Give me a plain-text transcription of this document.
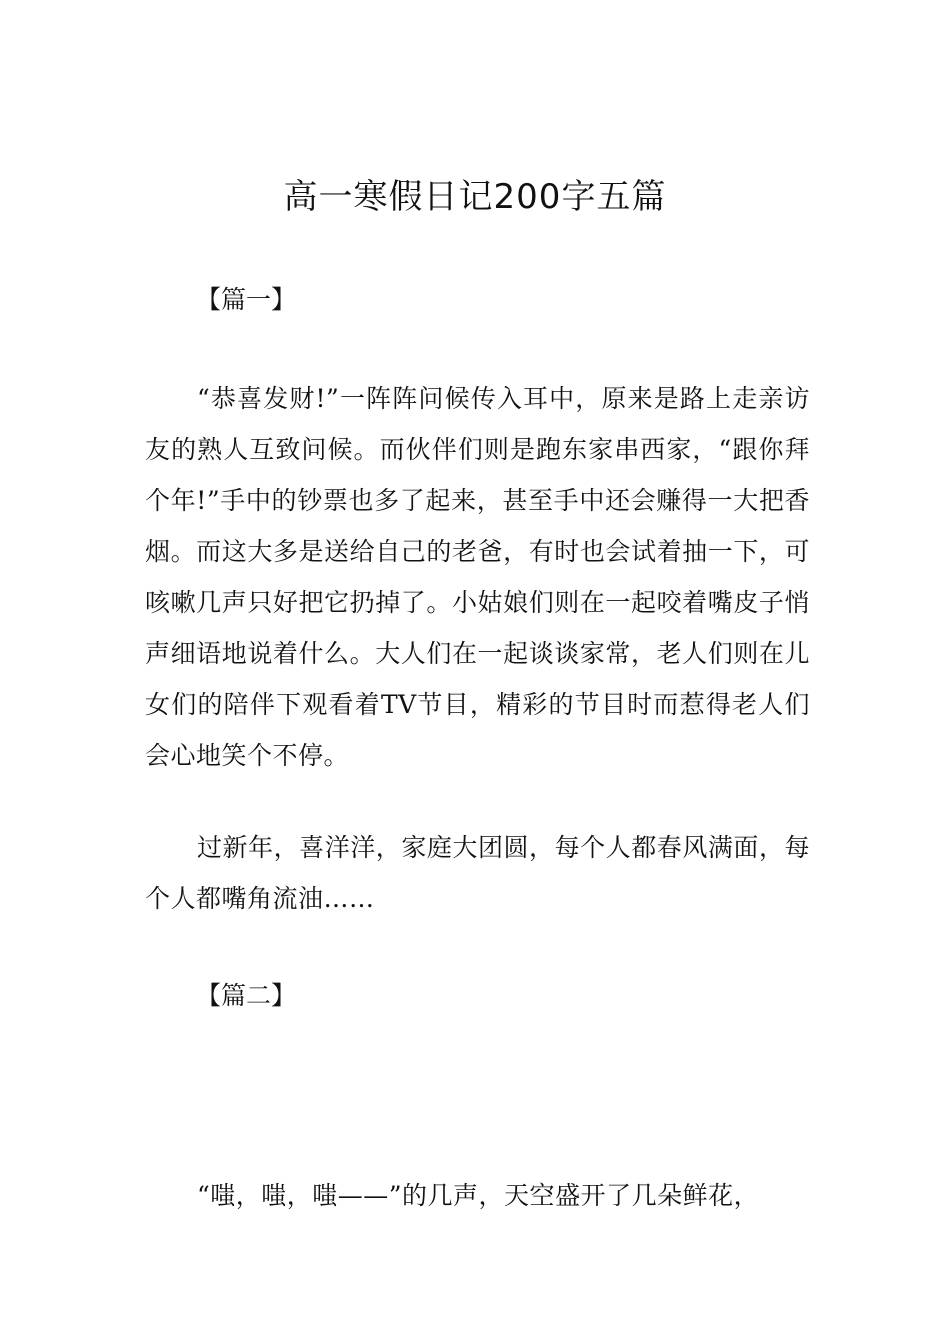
高一寒假日记200字五篇
【篇一】

“恭喜发财!”一阵阵问候传入耳中，原来是路上走亲访友的熟人互致问候。而伙伴们则是跑东家串西家，“跟你拜个年!”手中的钞票也多了起来，甚至手中还会赚得一大把香烟。而这大多是送给自己的老爸，有时也会试着抽一下，可咳嗽几声只好把它扔掉了。小姑娘们则在一起咬着嘴皮子悄声细语地说着什么。大人们在一起谈谈家常，老人们则在儿女们的陪伴下观看着TV节目，精彩的节目时而惹得老人们会心地笑个不停。

过新年，喜洋洋，家庭大团圆，每个人都春风满面，每个人都嘴角流油……

【篇二】

“嗤，嗤，嗤——”的几声，天空盛开了几朵鲜花，
